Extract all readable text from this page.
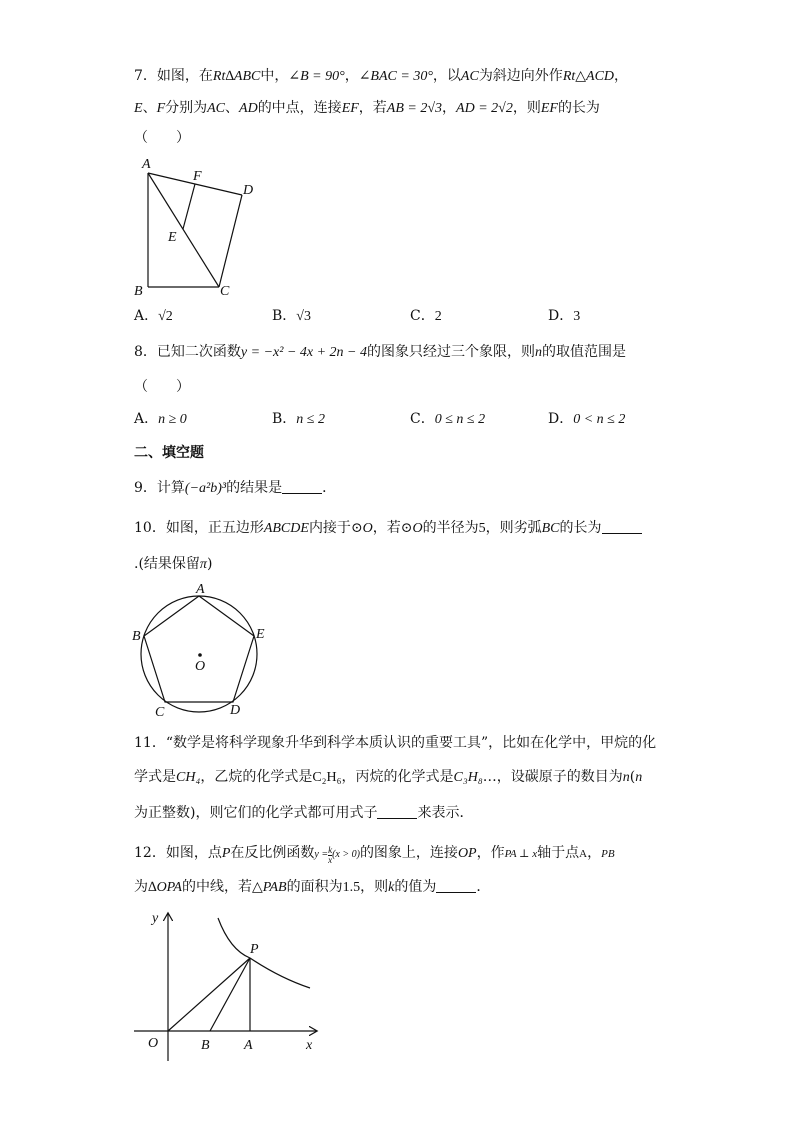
7．如图，在Rt∆ABC中，∠B = 90°，∠BAC = 30°，以AC为斜边向外作Rt△ACD，
E、F分别为AC、AD的中点，连接EF，若AB = 2√3，AD = 2√2，则EF的长为
（　　）
A
F
D
E
B	C
A．√2	B．√3	C．2	D．3
8．已知二次函数y = −x² − 4x + 2n − 4的图象只经过三个象限，则n的取值范围是
（　　）
A．n ≥ 0	B．n ≤ 2	C．0 ≤ n ≤ 2	D．0 < n ≤ 2
二、填空题
9．计算(−a²b)³的结果是	．
10．如图，正五边形ABCDE内接于⊙O，若⊙O的半径为5，则劣弧BC的长为
.(结果保留π)
A
E
B
O
C	D
11．“数学是将科学现象升华到科学本质认识的重要工具”，比如在化学中，甲烷的化
学式是CH₄，乙烷的化学式是C₂H₆，丙烷的化学式是C₃H₈…，设碳原子的数目为n(n
为正整数)，则它们的化学式都可用式子	来表示．
12．如图，点P在反比例函数$y = \frac{k}{x} (x > 0)$的图象上，连接OP，作PA ⊥ x轴于点A，PB
为∆OPA的中线，若△PAB的面积为1.5，则k的值为	．
y
P
O	B A	x
